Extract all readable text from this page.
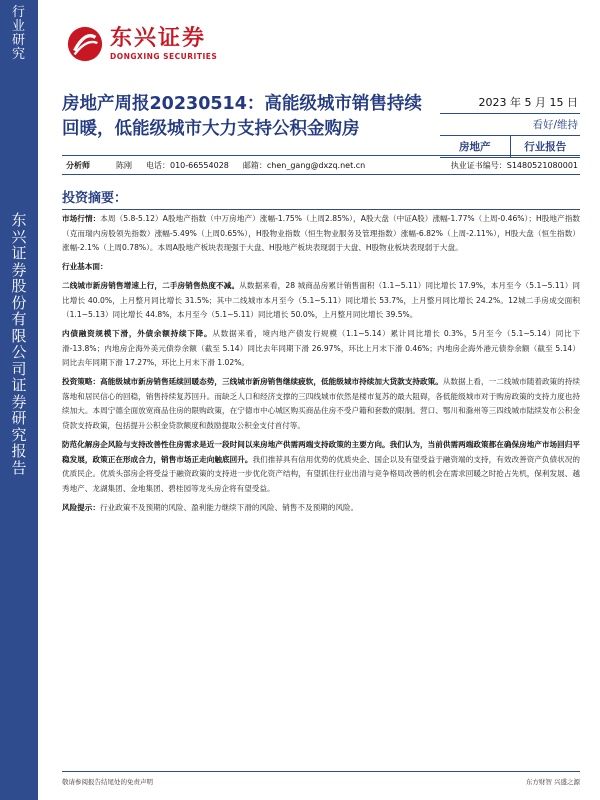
行业研究
东兴证券股份有限公司证券研究报告
东兴证券
DONGXING SECURITIES
房地产周报20230514：高能级城市销售持续回暖，低能级城市大力支持公积金购房
2023 年 5 月 15 日
看好/维持
房地产	行业报告
分析师	陈刚 电话：010-66554028 邮箱：chen_gang@dxzq.net.cn	执业证书编号：S1480521080001
投资摘要：

市场行情：本周（5.8-5.12）A股地产指数（中万房地产）涨幅-1.75%（上周2.85%），A股大盘（中证A股）涨幅-1.77%（上周-0.46%）；H股地产指数（克而瑞内房股领先指数）涨幅-5.49%（上周0.65%），H股物业指数（恒生物业服务及管理指数）涨幅-6.82%（上周-2.11%），H股大盘（恒生指数）涨幅-2.1%（上周0.78%）。本周A股地产板块表现强于大盘、H股地产板块表现弱于大盘、H股物业板块表现弱于大盘。

行业基本面：

二线城市新房销售增速上行，二手房销售热度不减。从数据来看，28 城商品房累计销售面积（1.1~5.11）同比增长 17.9%，本月至今（5.1~5.11）同比增长 40.0%，上月整月同比增长 31.5%；其中二线城市本月至今（5.1~5.11）同比增长 53.7%，上月整月同比增长 24.2%。12城二手房成交面积（1.1~5.13）同比增长 44.8%，本月至今（5.1~5.11）同比增长 50.0%，上月整月同比增长 39.5%。

内债融资规模下滑，外债余额持续下降。从数据来看，境内地产债发行规模（1.1~5.14）累计同比增长 0.3%，5月至今（5.1~5.14）同比下滑-13.8%；内地房企海外美元债券余额（截至 5.14）同比去年同期下滑 26.97%，环比上月末下滑 0.46%；内地房企海外港元债券余额（截至 5.14）同比去年同期下滑 17.27%，环比上月末下滑 1.02%。

投资策略：高能级城市新房销售延续回暖态势，三线城市新房销售继续疲软，低能级城市持续加大货款支持政策。从数据上看，一二线城市随着政策的持续落地和居民信心的回稳，销售持续复苏回升。而缺乏人口和经济支撑的三四线城市依然是楼市复苏的最大阻碍，各低能级城市对于购房政策的支持力度也持续加大。本周宁德全面放宽商品住房的限购政策，在宁德市中心城区购买商品住房不受户籍和套数的限制。营口、鄂川和滁州等三四线城市陆续发布公积金贷款支持政策，包括提升公积金贷款额度和鼓励提取公积金支付首付等。

防范化解房企风险与支持改善性住房需求是近一段时间以来房地产供需两端支持政策的主要方向。我们认为，当前供需两端政策都在确保房地产市场回归平稳发展，政策正在形成合力，销售市场正走向触底回升。我们推荐具有信用优势的优质央企、国企以及有望受益于融资端的支持，有效改善资产负债状况的优质民企。优质头部房企将受益于融资政策的支持进一步优化资产结构，有望抓住行业出清与竞争格局改善的机会在需求回暖之时抢占先机，保利发展、越秀地产、龙湖集团、金地集团、碧桂园等龙头房企将有望受益。

风险提示：行业政策不及预期的风险、盈利能力继续下滑的风险、销售不及预期的风险。

敬请参阅报告结尾处的免责声明	东方财智 兴盛之源
